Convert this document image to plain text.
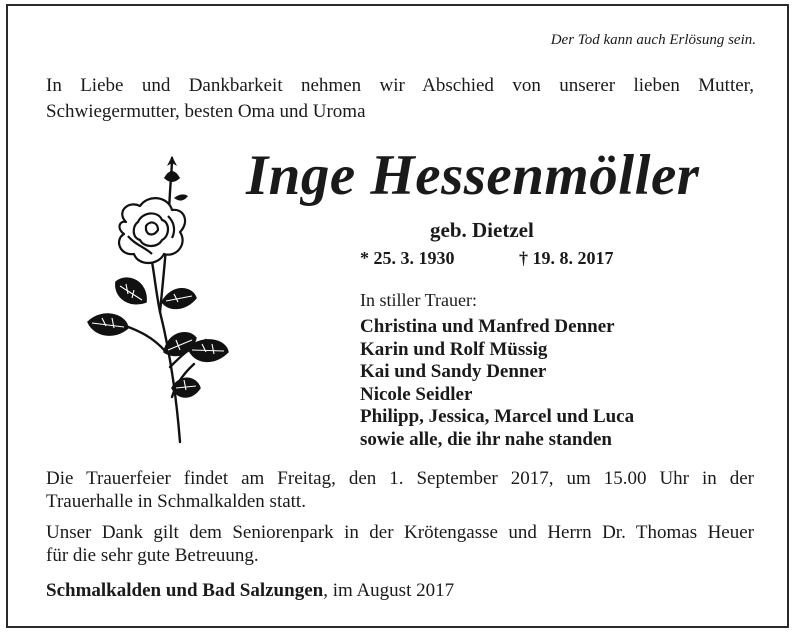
Der Tod kann auch Erlösung sein.
In Liebe und Dankbarkeit nehmen wir Abschied von unserer lieben Mutter,
Schwiegermutter, besten Oma und Uroma
Inge Hessenmöller
geb. Dietzel
* 25. 3. 1930	† 19. 8. 2017
In stiller Trauer:
Christina und Manfred Denner
Karin und Rolf Müssig
Kai und Sandy Denner
Nicole Seidler
Philipp, Jessica, Marcel und Luca
sowie alle, die ihr nahe standen
Die Trauerfeier findet am Freitag, den 1. September 2017, um 15.00 Uhr in der
Trauerhalle in Schmalkalden statt.
Unser Dank gilt dem Seniorenpark in der Krötengasse und Herrn Dr. Thomas Heuer
für die sehr gute Betreuung.
Schmalkalden und Bad Salzungen, im August 2017
